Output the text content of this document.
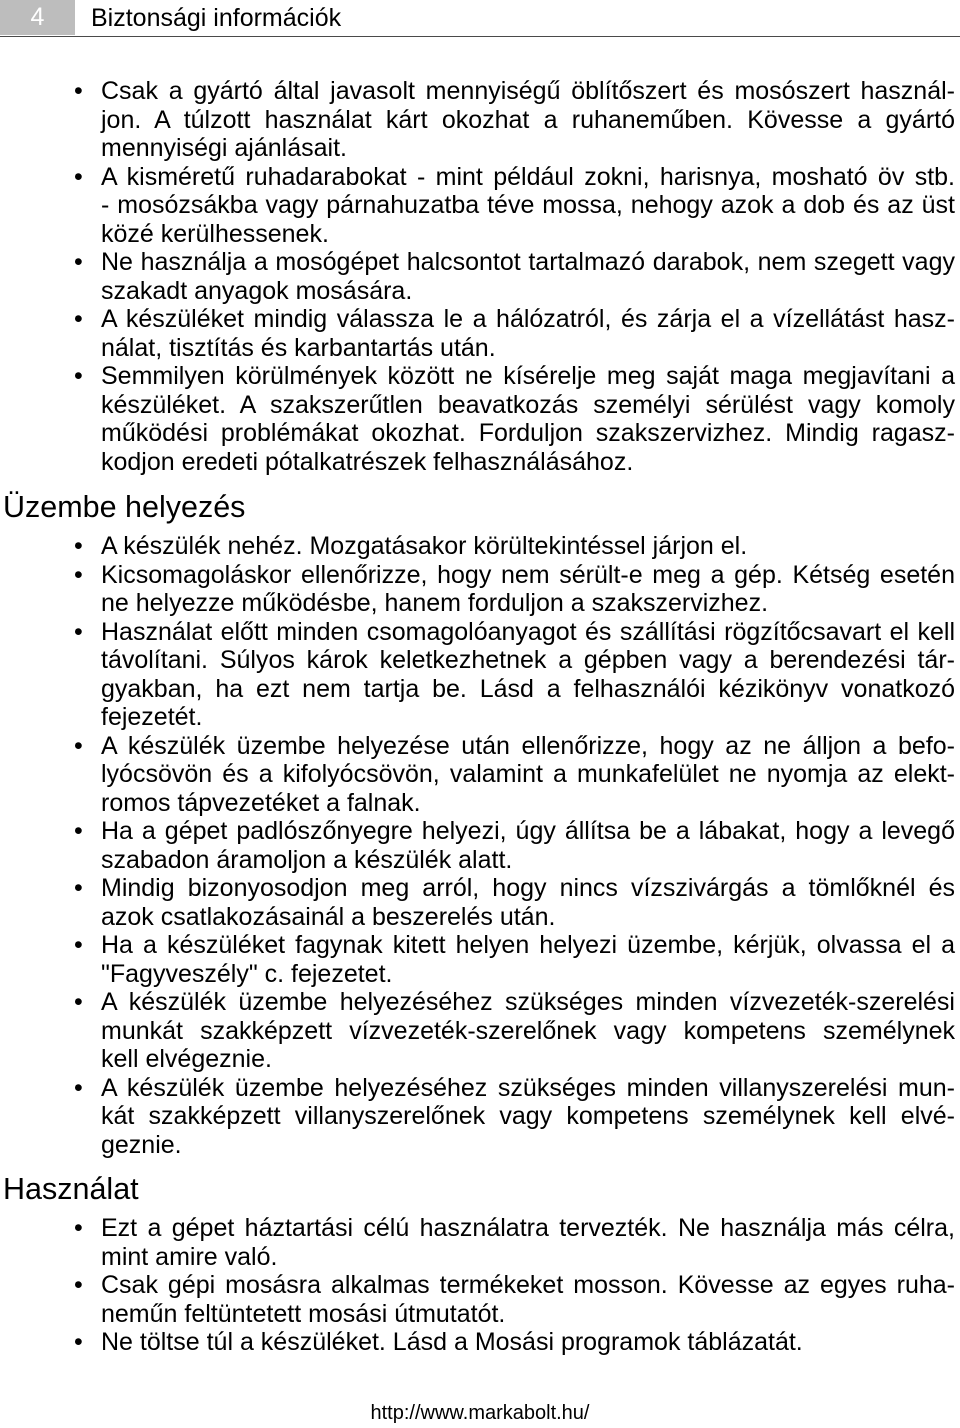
4	Biztonsági információk
•
Csak a gyártó által javasolt mennyiségű öblítőszert és mosószert használ-
jon. A túlzott használat kárt okozhat a ruhaneműben. Kövesse a gyártó
mennyiségi ajánlásait.
•
A kisméretű ruhadarabokat - mint például zokni, harisnya, mosható öv stb.
- mosózsákba vagy párnahuzatba téve mossa, nehogy azok a dob és az üst
közé kerülhessenek.
•
Ne használja a mosógépet halcsontot tartalmazó darabok, nem szegett vagy
szakadt anyagok mosására.
•
A készüléket mindig válassza le a hálózatról, és zárja el a vízellátást hasz-
nálat, tisztítás és karbantartás után.
•
Semmilyen körülmények között ne kísérelje meg saját maga megjavítani a
készüléket. A szakszerűtlen beavatkozás személyi sérülést vagy komoly
működési problémákat okozhat. Forduljon szakszervizhez. Mindig ragasz-
kodjon eredeti pótalkatrészek felhasználásához.
Üzembe helyezés
•
A készülék nehéz. Mozgatásakor körültekintéssel járjon el.
•
Kicsomagoláskor ellenőrizze, hogy nem sérült-e meg a gép. Kétség esetén
ne helyezze működésbe, hanem forduljon a szakszervizhez.
•
Használat előtt minden csomagolóanyagot és szállítási rögzítőcsavart el kell
távolítani. Súlyos károk keletkezhetnek a gépben vagy a berendezési tár-
gyakban, ha ezt nem tartja be. Lásd a felhasználói kézikönyv vonatkozó
fejezetét.
•
A készülék üzembe helyezése után ellenőrizze, hogy az ne álljon a befo-
lyócsövön és a kifolyócsövön, valamint a munkafelület ne nyomja az elekt-
romos tápvezetéket a falnak.
•
Ha a gépet padlószőnyegre helyezi, úgy állítsa be a lábakat, hogy a levegő
szabadon áramoljon a készülék alatt.
•
Mindig bizonyosodjon meg arról, hogy nincs vízszivárgás a tömlőknél és
azok csatlakozásainál a beszerelés után.
•
Ha a készüléket fagynak kitett helyen helyezi üzembe, kérjük, olvassa el a
"Fagyveszély" c. fejezetet.
•
A készülék üzembe helyezéséhez szükséges minden vízvezeték-szerelési
munkát szakképzett vízvezeték-szerelőnek vagy kompetens személynek
kell elvégeznie.
•
A készülék üzembe helyezéséhez szükséges minden villanyszerelési mun-
kát szakképzett villanyszerelőnek vagy kompetens személynek kell elvé-
geznie.
Használat
•
Ezt a gépet háztartási célú használatra tervezték. Ne használja más célra,
mint amire való.
•
Csak gépi mosásra alkalmas termékeket mosson. Kövesse az egyes ruha-
neműn feltüntetett mosási útmutatót.
•
Ne töltse túl a készüléket. Lásd a Mosási programok táblázatát.
http://www.markabolt.hu/
